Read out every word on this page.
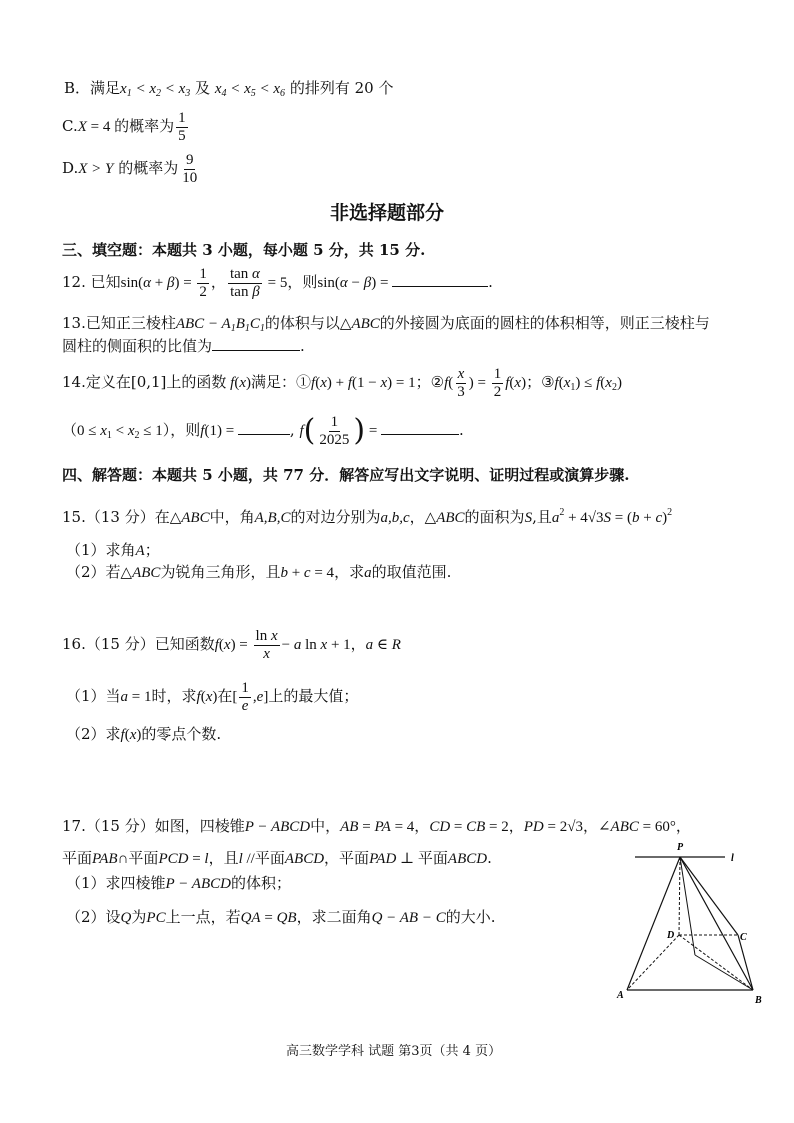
B．满足$x_1 < x_2 < x_3$ 及 $x_4 < x_5 < x_6$ 的排列有 20 个
C.X = 4 的概率为 $\frac{1}{5}$
D.X > Y 的概率为 $\frac{9}{10}$
非选择题部分
三、填空题：本题共 3 小题，每小题 5 分，共 15 分.
12. 已知$\sin(\alpha + \beta) = \frac{1}{2}$ ， $\frac{\text{tan α}}{\text{tan β}} = 5$，则sin(α − β) =	.
13.已知正三棱柱ABC − $A_1B_1C_1$的体积与以△ABC的外接圆为底面的圆柱的体积相等，则正三棱柱与
圆柱的侧面积的比值为	.
14.定义在[0,1]上的函数 f(x)满足：①f(x) + f(1 − x) = 1；②f( $\frac{x}{3}$ ) = $\frac{1}{2} f(x)$；$③f(x_1) \le f(x_2)$
$(0 \le x_1 < x_2 \le 1)$，则f(1) =	, $f( \frac{1}{2025}$ ) =	.
四、解答题：本题共 5 小题，共 77 分．解答应写出文字说明、证明过程或演算步骤.
15.（13 分）在△ABC中，角A,B,C的对边分别为a,b,c，△ABC的面积为S,且$a^2 + 4√3S = (b + c)^2$
（1）求角A；
（2）若△ABC为锐角三角形，且b + c = 4，求a的取值范围.
16.（15 分）已知函数$f(x) = \frac{\text{ln x}}{x} - a$ ln x + 1，a ∈ R
（1）当a = 1时，求f(x)在[ $\frac{1}{e} ,e$]上的最大值；
（2）求f(x)的零点个数.
17.（15 分）如图，四棱锥P − ABCD中，AB = PA = 4，CD = CB = 2，PD = 2√3，∠ABC = 60°，
平面PAB∩平面PCD = l，且l //平面ABCD，平面PAD ⊥ 平面ABCD.
（1）求四棱锥P − ABCD的体积；
（2）设Q为PC上一点，若QA = QB，求二面角Q − AB − C的大小.
P
l
D	C
A	B
高三数学学科 试题 第3页（共 4 页）
